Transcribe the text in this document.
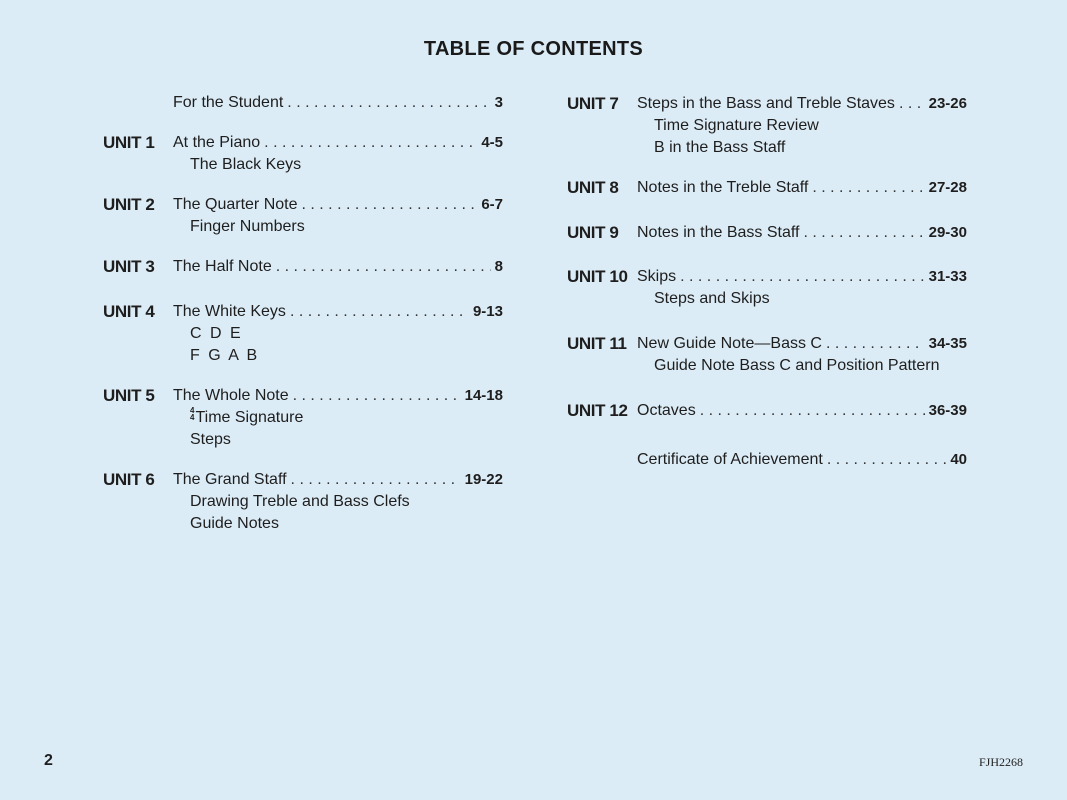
TABLE OF CONTENTS
For the Student . . .	3
UNIT 1 At the Piano . . .	4-5
The Black Keys
UNIT 2 The Quarter Note . . .	6-7
Finger Numbers
UNIT 3 The Half Note . . .	8
UNIT 4 The White Keys . . .	9-13
C D E
F G A B
UNIT 5 The Whole Note . . .	14-18
4
4 Time Signature
Steps
UNIT 6 The Grand Staff . . .	19-22
Drawing Treble and Bass Clefs
Guide Notes
UNIT 7 Steps in the Bass and Treble Staves . . . 23-26
Time Signature Review
B in the Bass Staff
UNIT 8 Notes in the Treble Staff . . .	27-28
UNIT 9 Notes in the Bass Staff . . .	29-30
UNIT 10 Skips . . .	31-33
Steps and Skips
UNIT 11 New Guide Note—Bass C . . .	34-35
Guide Note Bass C and Position Pattern
UNIT 12 Octaves . . .	36-39
Certificate of Achievement . . .	40
2	FJH2268
